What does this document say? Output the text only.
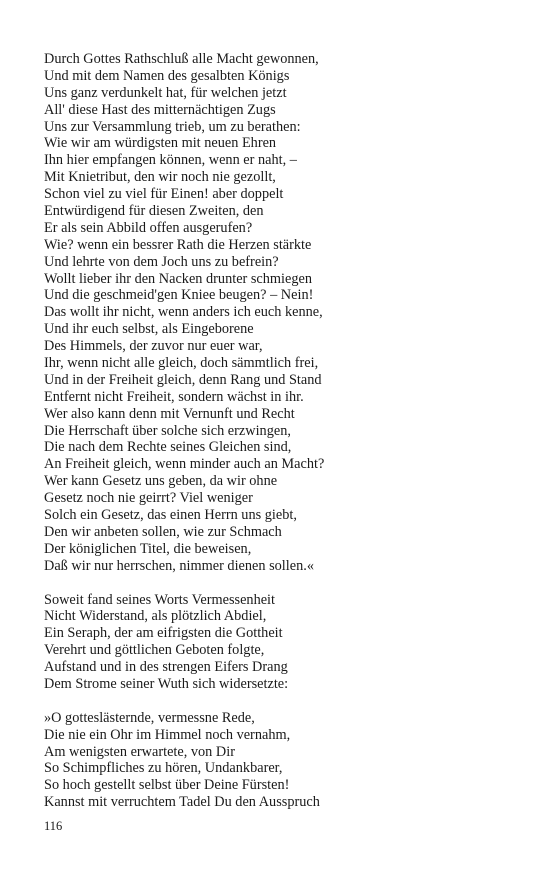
Durch Gottes Rathschluß alle Macht gewonnen,
Und mit dem Namen des gesalbten Königs
Uns ganz verdunkelt hat, für welchen jetzt
All' diese Hast des mitternächtigen Zugs
Uns zur Versammlung trieb, um zu berathen:
Wie wir am würdigsten mit neuen Ehren
Ihn hier empfangen können, wenn er naht, –
Mit Knietribut, den wir noch nie gezollt,
Schon viel zu viel für Einen! aber doppelt
Entwürdigend für diesen Zweiten, den
Er als sein Abbild offen ausgerufen?
Wie? wenn ein bessrer Rath die Herzen stärkte
Und lehrte von dem Joch uns zu befrein?
Wollt lieber ihr den Nacken drunter schmiegen
Und die geschmeid'gen Kniee beugen? – Nein!
Das wollt ihr nicht, wenn anders ich euch kenne,
Und ihr euch selbst, als Eingeborene
Des Himmels, der zuvor nur euer war,
Ihr, wenn nicht alle gleich, doch sämmtlich frei,
Und in der Freiheit gleich, denn Rang und Stand
Entfernt nicht Freiheit, sondern wächst in ihr.
Wer also kann denn mit Vernunft und Recht
Die Herrschaft über solche sich erzwingen,
Die nach dem Rechte seines Gleichen sind,
An Freiheit gleich, wenn minder auch an Macht?
Wer kann Gesetz uns geben, da wir ohne
Gesetz noch nie geirrt? Viel weniger
Solch ein Gesetz, das einen Herrn uns giebt,
Den wir anbeten sollen, wie zur Schmach
Der königlichen Titel, die beweisen,
Daß wir nur herrschen, nimmer dienen sollen.«
Soweit fand seines Worts Vermessenheit
Nicht Widerstand, als plötzlich Abdiel,
Ein Seraph, der am eifrigsten die Gottheit
Verehrt und göttlichen Geboten folgte,
Aufstand und in des strengen Eifers Drang
Dem Strome seiner Wuth sich widersetzte:
»O gotteslästernde, vermessne Rede,
Die nie ein Ohr im Himmel noch vernahm,
Am wenigsten erwartete, von Dir
So Schimpfliches zu hören, Undankbarer,
So hoch gestellt selbst über Deine Fürsten!
Kannst mit verruchtem Tadel Du den Ausspruch
116
